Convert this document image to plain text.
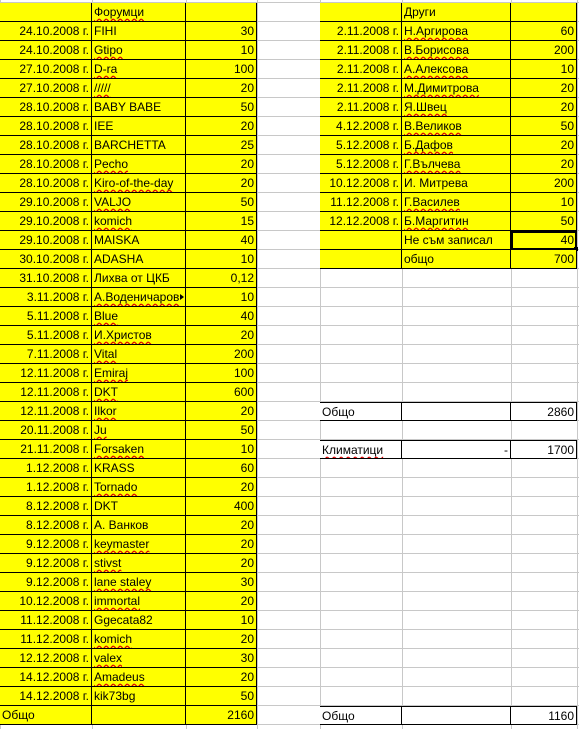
Форумци
24.10.2008 г. FIHI	30
24.10.2008 г. Gtipo	10
27.10.2008 г. D-ra	100
27.10.2008 г. /////	20
28.10.2008 г. BABY BABE	50
28.10.2008 г. IEE	20
28.10.2008 г. BARCHETTA	25
28.10.2008 г. Pecho	20
28.10.2008 г. Kiro-of-the-day	20
29.10.2008 г. VALJO	50
29.10.2008 г. komich	15
29.10.2008 г. MAISKA	40
30.10.2008 г. ADASHA	10
31.10.2008 г. Лихва от ЦКБ	0,12
3.11.2008 г. А.Воденичаров	10
5.11.2008 г. Blue	40
5.11.2008 г. И.Христов	20
7.11.2008 г. Vital	200
12.11.2008 г. Emiraj	100
12.11.2008 г. DKT	600
12.11.2008 г. Ilkor	20
20.11.2008 г. Ju	50
21.11.2008 г. Forsaken	10
1.12.2008 г. KRASS	60
1.12.2008 г. Tornado	20
8.12.2008 г. DKT	400
8.12.2008 г. А. Ванков	20
9.12.2008 г. keymaster	20
9.12.2008 г. stivst	20
9.12.2008 г. lane staley	30
10.12.2008 г. immortal	20
11.12.2008 г. Ggecata82	10
11.12.2008 г. komich	20
12.12.2008 г. valex	30
14.12.2008 г. Amadeus	20
14.12.2008 г. kik73bg	50
Общо	2160
Други
2.11.2008 г. Н.Аргирова	60
2.11.2008 г. В.Борисова	200
2.11.2008 г. А.Алексова	10
2.11.2008 г. М.Димитрова	20
2.11.2008 г. Я.Швец	20
4.12.2008 г. В.Великов	50
5.12.2008 г. Б.Дафов	20
5.12.2008 г. Г.Вълчева	20
10.12.2008 г. И. Митрева	200
11.12.2008 г. Г.Василев	10
12.12.2008 г. Б.Маргитин	50
Не съм записал	40
общо	700
Общо	2860
Климатици	-	1700
Общо	1160
